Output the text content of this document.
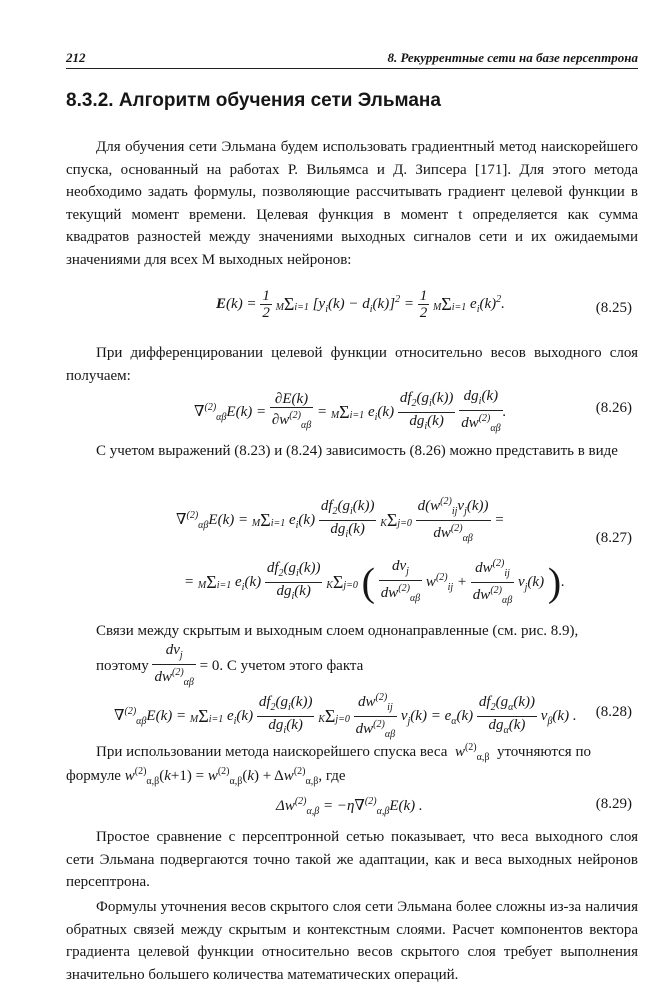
212	8. Рекуррентные сети на базе персептрона
8.3.2. Алгоритм обучения сети Эльмана

Для обучения сети Эльмана будем использовать градиентный метод наискорейшего спуска, основанный на работах Р. Вильямса и Д. Зипсера [171]. Для этого метода необходимо задать формулы, позволяющие рассчитывать градиент целевой функции в текущий момент времени. Целевая функция в момент t определяется как сумма квадратов разностей между значениями выходных сигналов сети и их ожидаемыми значениями для всех M выходных нейронов:

$E(k) = \frac{1}{2} M\Sigma i=1$ $[y_i(k) - d_i(k)]^2 = \frac{1}{2} M\Sigma i=1$ $e_i(k)^2$.	(8.25)

При дифференцировании целевой функции относительно весов выходного слоя получаем:

$\nabla^{(2)}_{\alpha\beta}E(k) = \frac{\partial E(k)}{\partial w^{(2)}_{\alpha\beta}} = M\Sigma i=1$ $e_i(k) \frac{df_2(g_i(k))}{dg_i(k)}$
$\frac{dg_i(k)}{dw^{(2)}_{\alpha\beta}}$ .	(8.26)

С учетом выражений (8.23) и (8.24) зависимость (8.26) можно представить в виде

∇$^{(2)}_{\alpha\beta}$E(k) = MΣi=1 $e_i(k) \frac{df_2(g_i(k))}{dg_i(k)} K\Sigma j=0 \frac{d(w^{(2)}_{ij}v_j(k))}{dw^{(2)}_{\alpha\beta}}$ =
= MΣi=1 $e_i(k) \frac{df_2(g_i(k))}{dg_i(k)} K\Sigma j=0$ ( $\frac{dv_j}{dw^{(2)}_{\alpha\beta}} w^{(2)}_{ij} + \frac{dw^{(2)}_{ij}}{dw^{(2)}_{\alpha\beta}} v_j(k)$ ).
(8.27)

Связи между скрытым и выходным слоем однонаправленные (см. рис. 8.9),

поэтому $\frac{dv_j}{dw^{(2)}_{\alpha\beta}} = 0$. С учетом этого факта
∇$^{(2)}_{\alpha\beta}$E(k) = MΣi=1 $e_i(k) \frac{df_2(g_i(k))}{dg_i(k)} K\Sigma j=0 \frac{dw^{(2)}_{ij}}{dw^{(2)}_{\alpha\beta}} v_j(k) = e_\alpha(k) \frac{df_2(g_\alpha(k))}{dg_\alpha(k)} v_\beta(k)$ . (8.28)
При использовании метода наискорейшего спуска веса $w^{(2)}_{\alpha,\beta}$ уточняются по
формуле $w^{(2)}_{\alpha,\beta}(k+1) = w^{(2)}_{\alpha,\beta}(k) + \Delta w^{(2)}_{\alpha,\beta}$, где
$\Delta w^{(2)}_{\alpha,\beta} = -\eta\nabla^{(2)}_{\alpha,\beta}E(k)$ .	(8.29)

Простое сравнение с персептронной сетью показывает, что веса выходного слоя сети Эльмана подвергаются точно такой же адаптации, как и веса выходных нейронов персептрона.

Формулы уточнения весов скрытого слоя сети Эльмана более сложны из-за наличия обратных связей между скрытым и контекстным слоями. Расчет компонентов вектора градиента целевой функции относительно весов скрытого слоя требует выполнения значительно большего количества математических операций.
